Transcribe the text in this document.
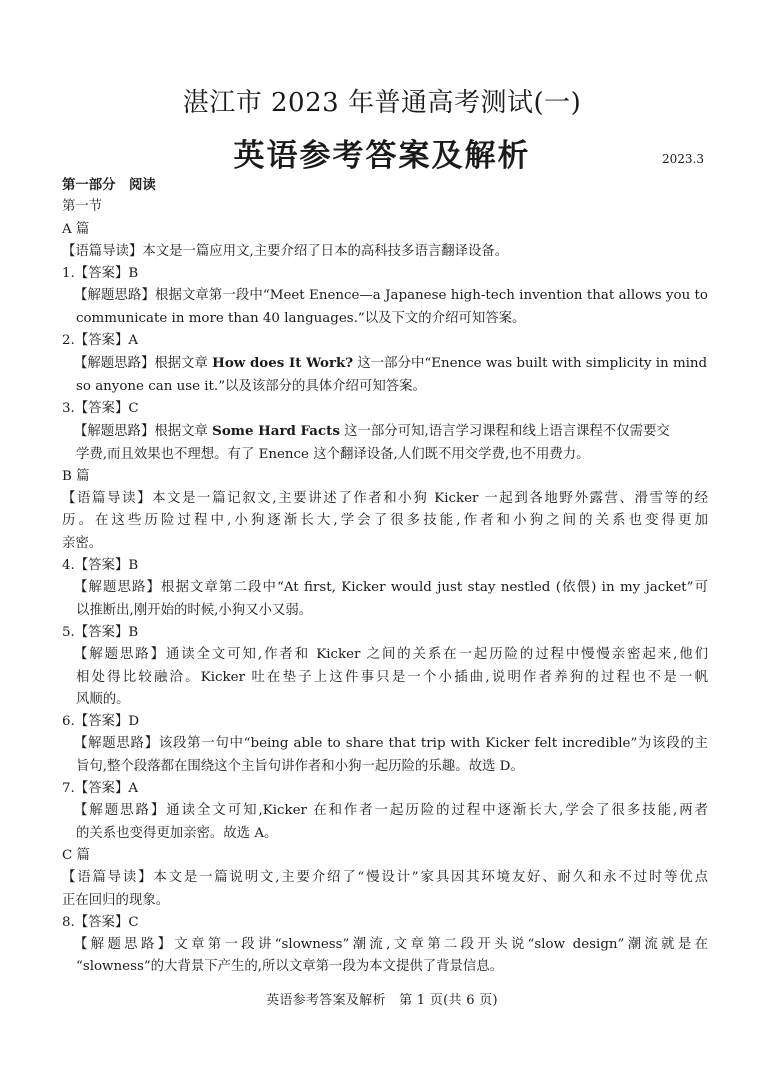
湛江市 2023 年普通高考测试(一)
英语参考答案及解析	2023.3
第一部分　阅读
第一节
A 篇
【语篇导读】本文是一篇应用文,主要介绍了日本的高科技多语言翻译设备。
1.【答案】B
【解题思路】根据文章第一段中“Meet Enence—a Japanese high-tech invention that allows you to
communicate in more than 40 languages.”以及下文的介绍可知答案。
2.【答案】A
【解题思路】根据文章 How does It Work? 这一部分中“Enence was built with simplicity in mind
so anyone can use it.”以及该部分的具体介绍可知答案。
3.【答案】C
【解题思路】根据文章 Some Hard Facts 这一部分可知,语言学习课程和线上语言课程不仅需要交
学费,而且效果也不理想。有了 Enence 这个翻译设备,人们既不用交学费,也不用费力。
B 篇
【语篇导读】本文是一篇记叙文,主要讲述了作者和小狗 Kicker 一起到各地野外露营、滑雪等的经
历。在这些历险过程中,小狗逐渐长大,学会了很多技能,作者和小狗之间的关系也变得更加
亲密。
4.【答案】B
【解题思路】根据文章第二段中“At first, Kicker would just stay nestled (依偎) in my jacket”可
以推断出,刚开始的时候,小狗又小又弱。
5.【答案】B
【解题思路】通读全文可知,作者和 Kicker 之间的关系在一起历险的过程中慢慢亲密起来,他们
相处得比较融洽。Kicker 吐在垫子上这件事只是一个小插曲,说明作者养狗的过程也不是一帆
风顺的。
6.【答案】D
【解题思路】该段第一句中“being able to share that trip with Kicker felt incredible”为该段的主
旨句,整个段落都在围绕这个主旨句讲作者和小狗一起历险的乐趣。故选 D。
7.【答案】A
【解题思路】通读全文可知,Kicker 在和作者一起历险的过程中逐渐长大,学会了很多技能,两者
的关系也变得更加亲密。故选 A。
C 篇
【语篇导读】本文是一篇说明文,主要介绍了“慢设计”家具因其环境友好、耐久和永不过时等优点
正在回归的现象。
8.【答案】C
【解题思路】文章第一段讲“slowness”潮流,文章第二段开头说“slow design”潮流就是在
“slowness”的大背景下产生的,所以文章第一段为本文提供了背景信息。
英语参考答案及解析　第 1 页(共 6 页)
